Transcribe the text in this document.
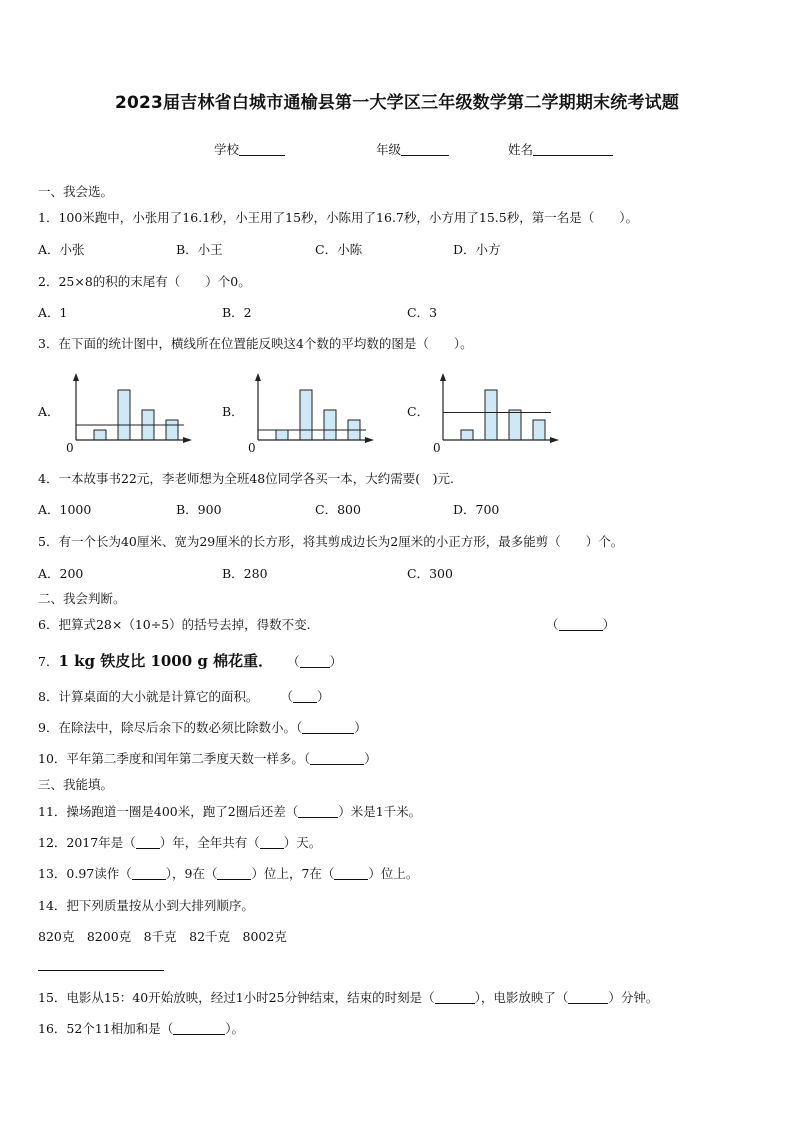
2023届吉林省白城市通榆县第一大学区三年级数学第二学期期末统考试题
学校	年级	姓名
一、我会选。
1．100米跑中，小张用了16.1秒，小王用了15秒，小陈用了16.7秒，小方用了15.5秒，第一名是（　　）。
A．小张	B．小王	C．小陈	D．小方
2．25×8的积的末尾有（　　）个0。
A．1	B．2	C．3
3．在下面的统计图中，横线所在位置能反映这4个数的平均数的图是（　　）。
A．	B．	C．
0	0	0
4．一本故事书22元，李老师想为全班48位同学各买一本，大约需要(　)元.
A．1000	B．900	C．800	D．700
5．有一个长为40厘米、宽为29厘米的长方形，将其剪成边长为2厘米的小正方形，最多能剪（　　）个。
A．200	B．280	C．300
二、我会判断。
6．把算式28×（10÷5）的括号去掉，得数不变.	（	）
7．1 kg 铁皮比 1000 g 棉花重． （ ）
8．计算桌面的大小就是计算它的面积。 （ ）
9．在除法中，除尽后余下的数必须比除数小。（	）
10．平年第二季度和闰年第二季度天数一样多。（	）
三、我能填。
11．操场跑道一圈是400米，跑了2圈后还差（	）米是1千米。
12．2017年是（ ）年，全年共有（ ）天。
13．0.97读作（	），9在（	）位上，7在（	）位上。
14．把下列质量按从小到大排列顺序。
820克　8200克　8千克　82千克　8002克
15．电影从15：40开始放映，经过1小时25分钟结束，结束的时刻是（	），电影放映了（	）分钟。
16．52个11相加和是（	）。
